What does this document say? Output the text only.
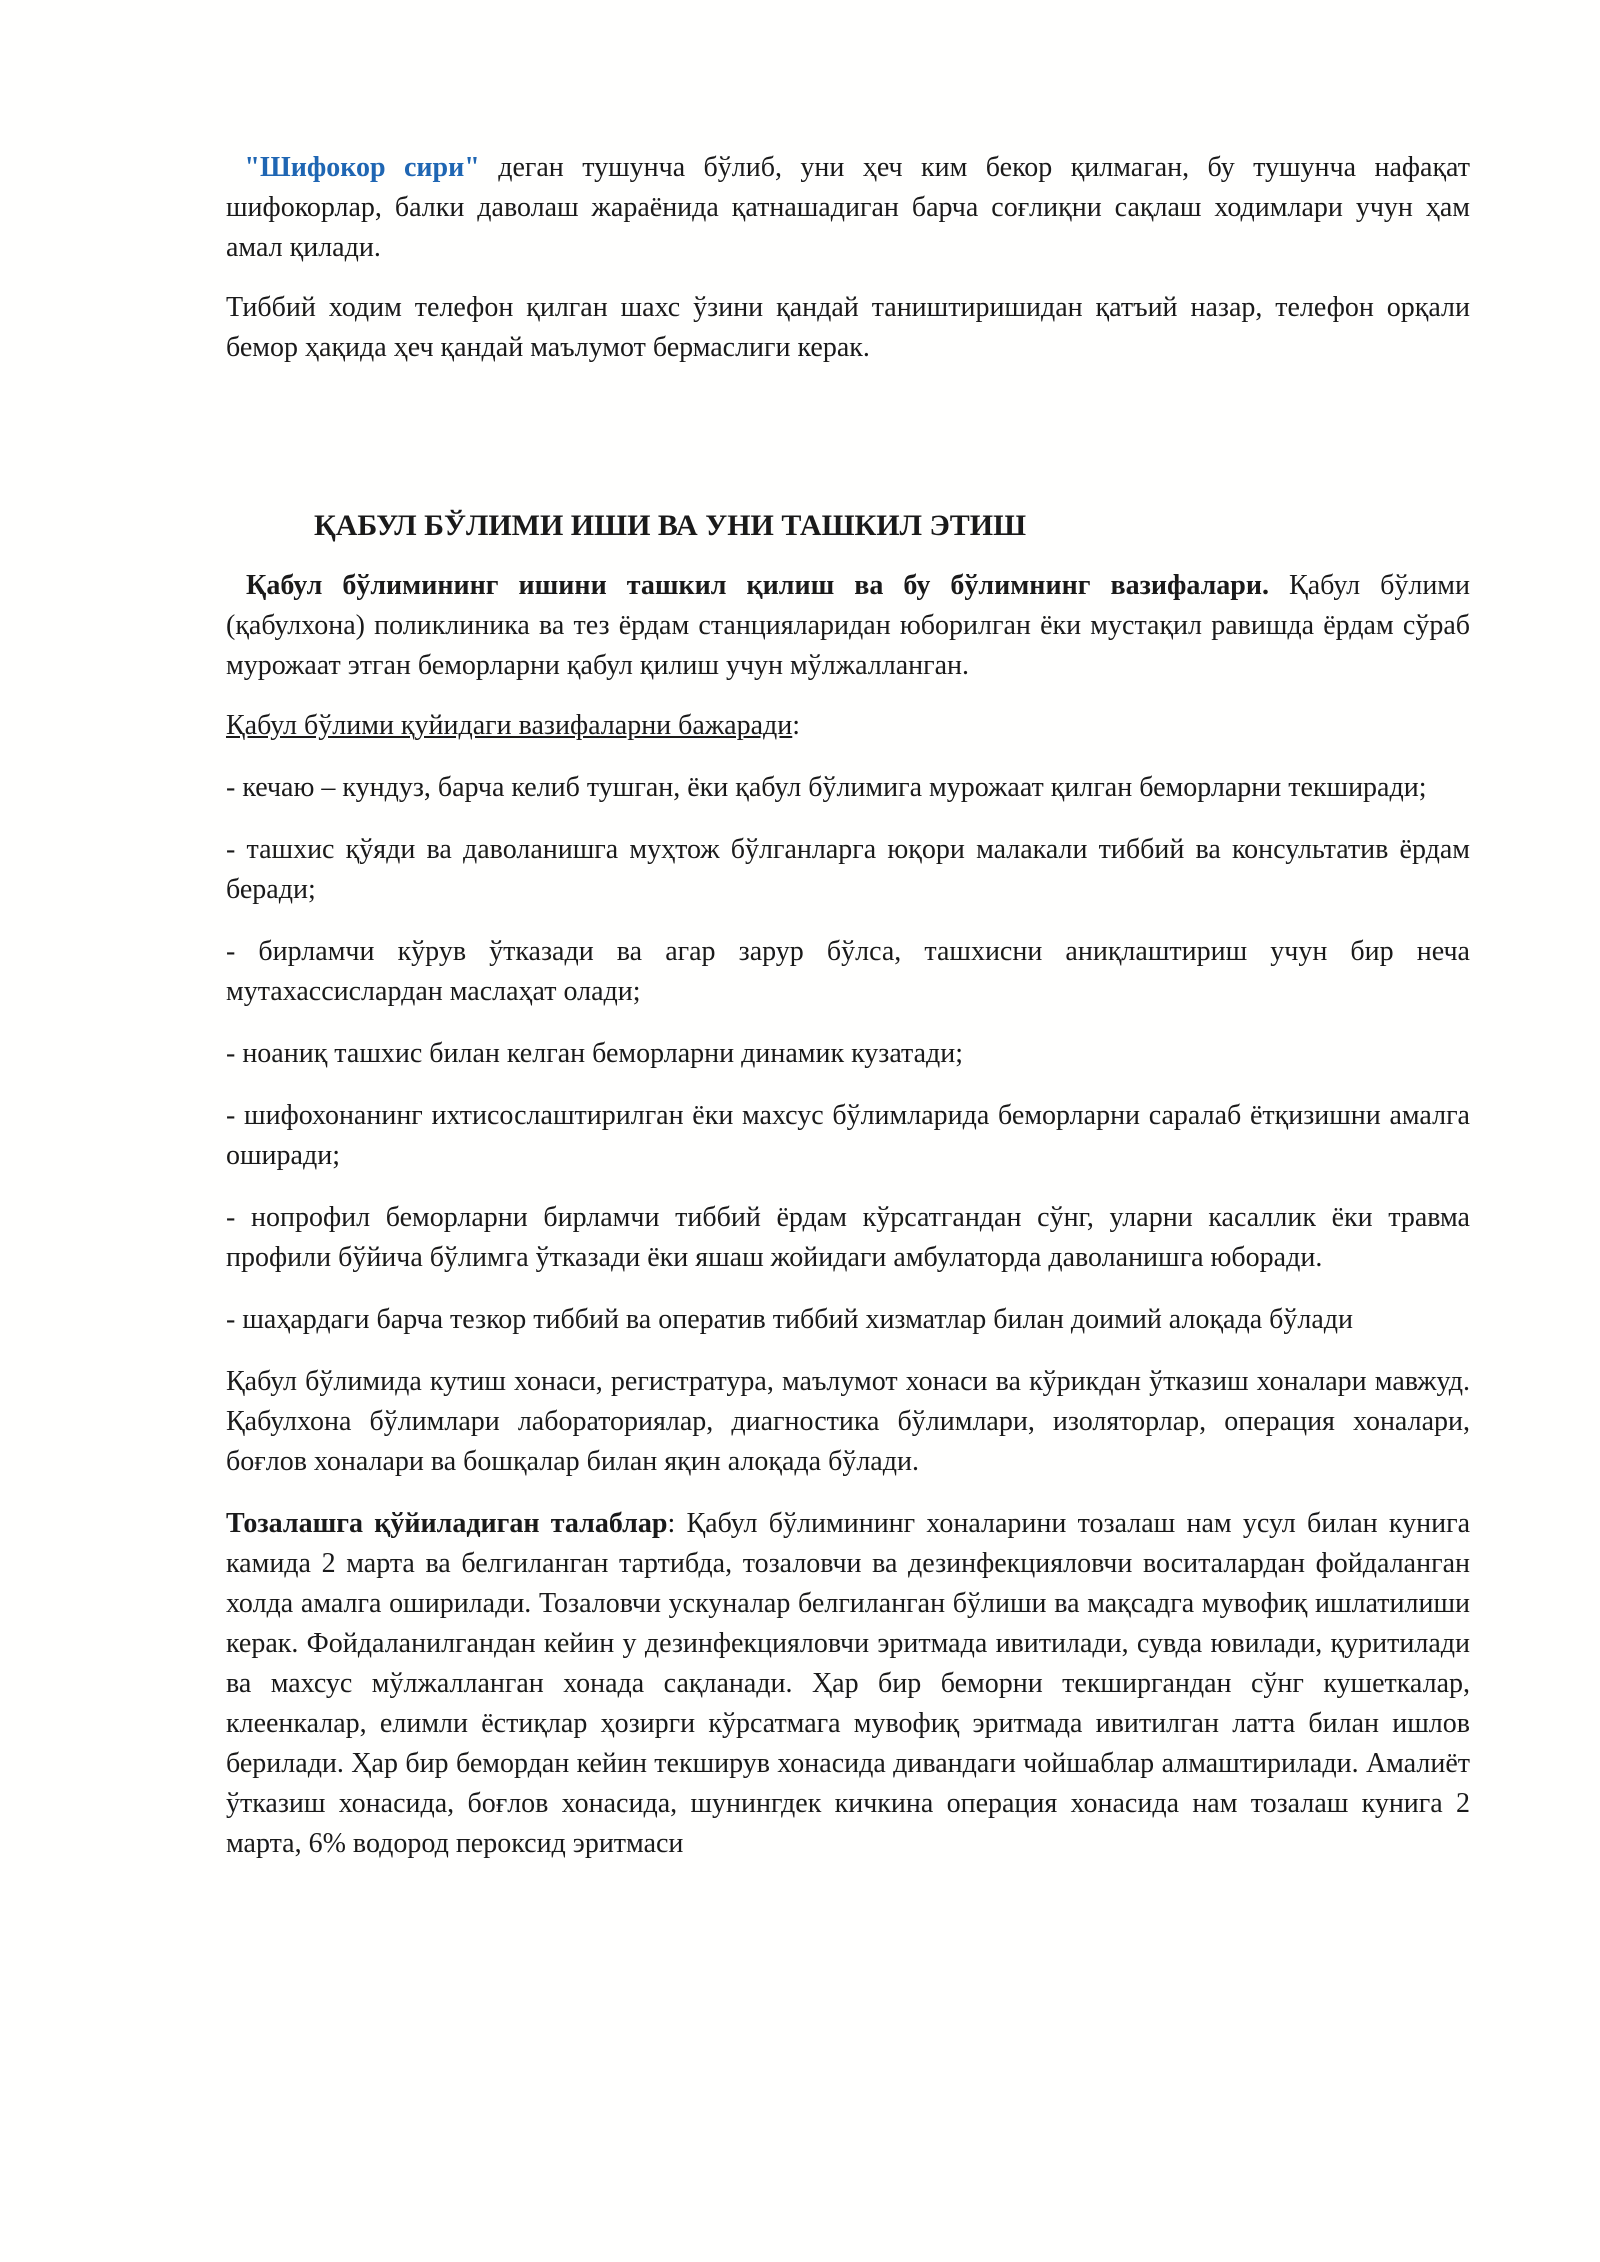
"Шифокор сири" деган тушунча бўлиб, уни ҳеч ким бекор қилмаган, бу тушунча нафақат шифокорлар, балки даволаш жараёнида қатнашадиган барча соғлиқни сақлаш ходимлари учун ҳам амал қилади.

Тиббий ходим телефон қилган шахс ўзини қандай таништиришидан қатъий назар, телефон орқали бемор ҳақида ҳеч қандай маълумот бермаслиги керак.

ҚАБУЛ БЎЛИМИ ИШИ ВА УНИ ТАШКИЛ ЭТИШ

Қабул бўлимининг ишини ташкил қилиш ва бу бўлимнинг вазифалари. Қабул бўлими (қабулхона) поликлиника ва тез ёрдам станцияларидан юборилган ёки мустақил равишда ёрдам сўраб мурожаат этган беморларни қабул қилиш учун мўлжалланган.

Қабул бўлими қуйидаги вазифаларни бажаради:

- кечаю – кундуз, барча келиб тушган, ёки қабул бўлимига мурожаат қилган беморларни текширади;

- ташхис қўяди ва даволанишга муҳтож бўлганларга юқори малакали тиббий ва консультатив ёрдам беради;

- бирламчи кўрув ўтказади ва агар зарур бўлса, ташхисни аниқлаштириш учун бир неча мутахассислардан маслаҳат олади;

- ноаниқ ташхис билан келган беморларни динамик кузатади;

- шифохонанинг ихтисослаштирилган ёки махсус бўлимларида беморларни саралаб ётқизишни амалга оширади;

- нопрофил беморларни бирламчи тиббий ёрдам кўрсатгандан сўнг, уларни касаллик ёки травма профили бўйича бўлимга ўтказади ёки яшаш жойидаги амбулаторда даволанишга юборади.

- шаҳардаги барча тезкор тиббий ва оператив тиббий хизматлар билан доимий алоқада бўлади

Қабул бўлимида кутиш хонаси, регистратура, маълумот хонаси ва кўрикдан ўтказиш хоналари мавжуд. Қабулхона бўлимлари лабораториялар, диагностика бўлимлари, изоляторлар, операция хоналари, боғлов хоналари ва бошқалар билан яқин алоқада бўлади.

Тозалашга қўйиладиган талаблар: Қабул бўлимининг хоналарини тозалаш нам усул билан кунига камида 2 марта ва белгиланган тартибда, тозаловчи ва дезинфекцияловчи воситалардан фойдаланган холда амалга оширилади. Тозаловчи ускуналар белгиланган бўлиши ва мақсадга мувофиқ ишлатилиши керак. Фойдаланилгандан кейин у дезинфекцияловчи эритмада ивитилади, сувда ювилади, қуритилади ва махсус мўлжалланган хонада сақланади. Ҳар бир беморни текширгандан сўнг кушеткалар, клеенкалар, елимли ёстиқлар ҳозирги кўрсатмага мувофиқ эритмада ивитилган латта билан ишлов берилади. Ҳар бир бемордан кейин текширув хонасида дивандаги чойшаблар алмаштирилади. Амалиёт ўтказиш хонасида, боғлов хонасида, шунингдек кичкина операция хонасида нам тозалаш кунига 2 марта, 6% водород пероксид эритмаси
